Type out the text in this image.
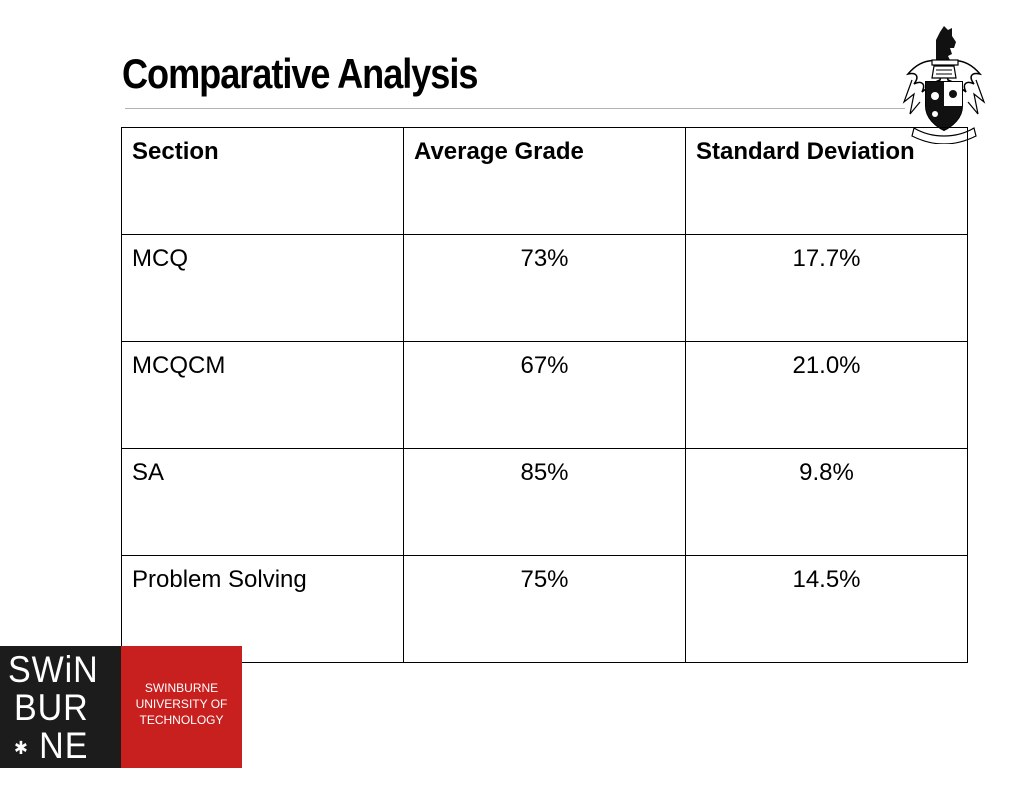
Comparative Analysis
Section	Average Grade	Standard Deviation
MCQ	73%	17.7%
MCQCM	67%	21.0%
SA	85%	9.8%
Problem Solving	75%	14.5%
SWiN
BUR
✱ NE ✱
SWINBURNE
UNIVERSITY OF
TECHNOLOGY
